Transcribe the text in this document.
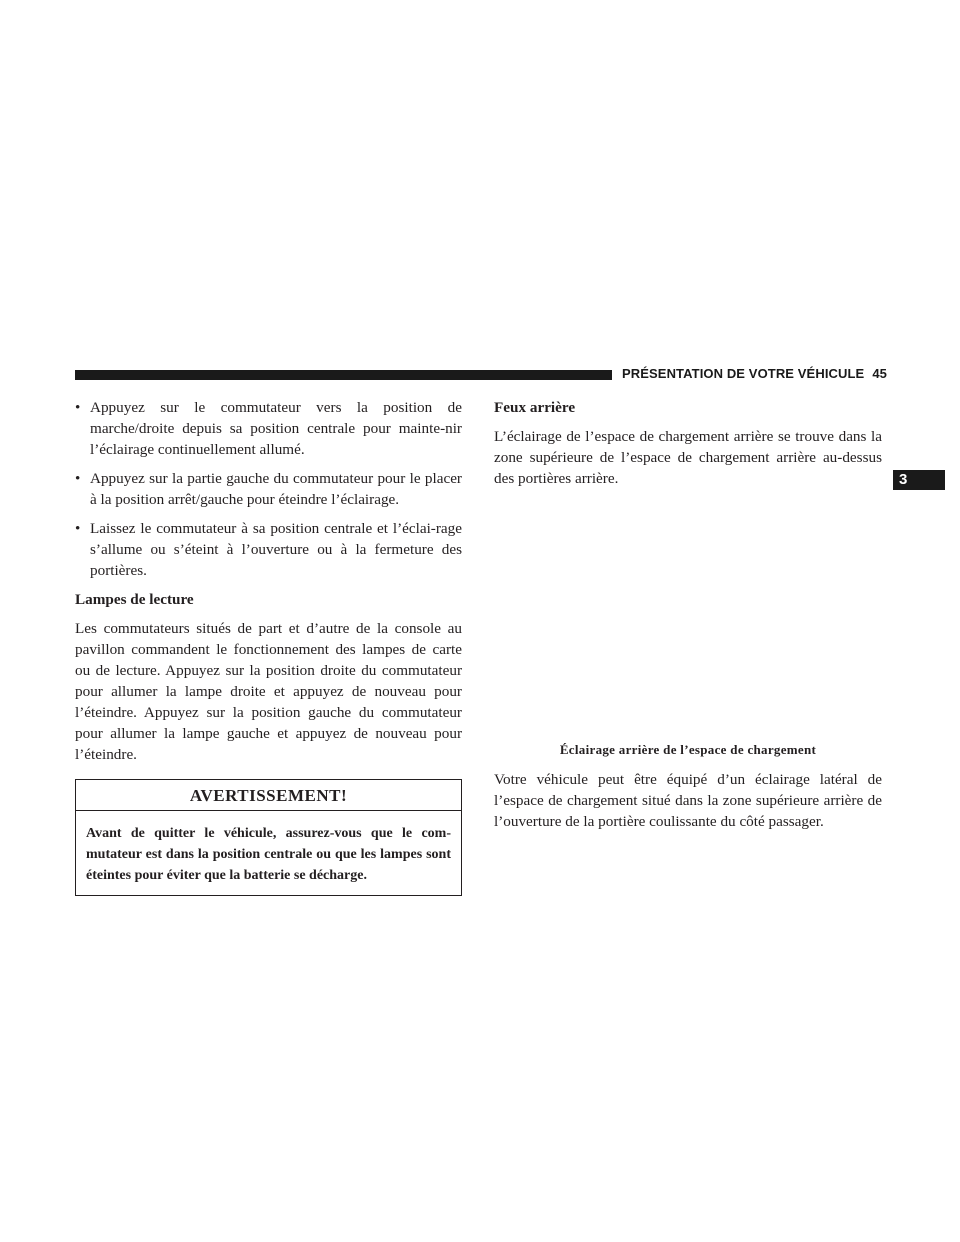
PRÉSENTATION DE VOTRE VÉHICULE 45
3
• Appuyez sur le commutateur vers la position de marche/droite depuis sa position centrale pour mainte-nir l’éclairage continuellement allumé.
• Appuyez sur la partie gauche du commutateur pour le placer à la position arrêt/gauche pour éteindre l’éclairage.
• Laissez le commutateur à sa position centrale et l’éclai-rage s’allume ou s’éteint à l’ouverture ou à la fermeture des portières.
Lampes de lecture

Les commutateurs situés de part et d’autre de la console au pavillon commandent le fonctionnement des lampes de carte ou de lecture. Appuyez sur la position droite du commutateur pour allumer la lampe droite et appuyez de nouveau pour l’éteindre. Appuyez sur la position gauche du commutateur pour allumer la lampe gauche et appuyez de nouveau pour l’éteindre.

AVERTISSEMENT!
Avant de quitter le véhicule, assurez-vous que le com-mutateur est dans la position centrale ou que les lampes sont éteintes pour éviter que la batterie se décharge.
Feux arrière

L’éclairage de l’espace de chargement arrière se trouve dans la zone supérieure de l’espace de chargement arrière au-dessus des portières arrière.

Éclairage arrière de l’espace de chargement

Votre véhicule peut être équipé d’un éclairage latéral de l’espace de chargement situé dans la zone supérieure arrière de l’ouverture de la portière coulissante du côté passager.
